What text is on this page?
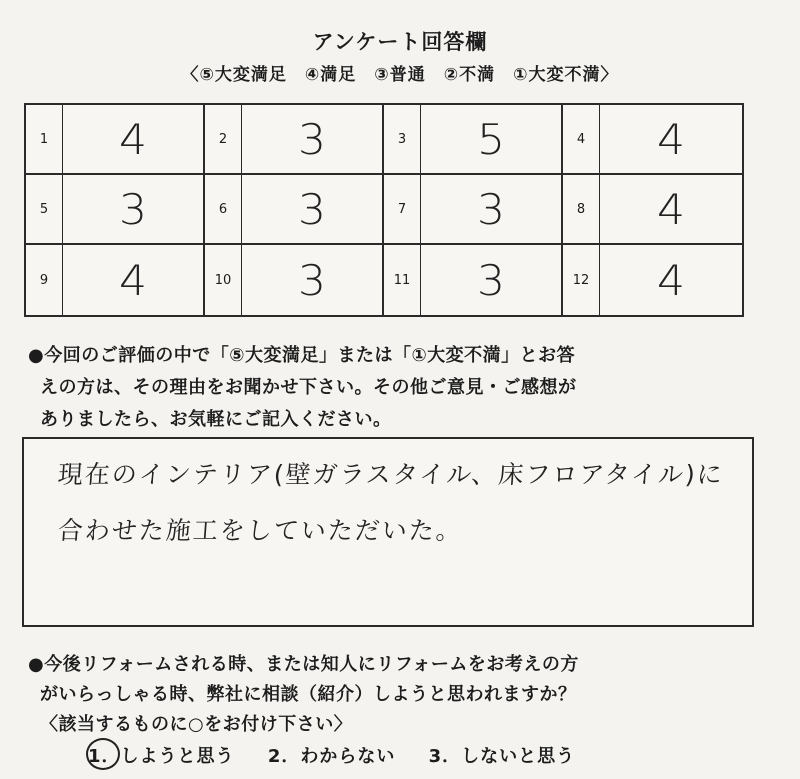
アンケート回答欄
〈⑤大変満足　④満足　③普通　②不満　①大変不満〉
1	4	2	3	3	5	4	4
5	3	6	3	7	3	8	4
9	4	10	3	11	3	12	4
●今回のご評価の中で「⑤大変満足」または「①大変不満」とお答
えの方は、その理由をお聞かせ下さい。その他ご意見・ご感想が
ありましたら、お気軽にご記入ください。
現在のインテリア(壁ガラスタイル、床フロアタイル)に
合わせた施工をしていただいた。
●今後リフォームされる時、または知人にリフォームをお考えの方
がいらっしゃる時、弊社に相談（紹介）しようと思われますか？
〈該当するものに○をお付け下さい〉
1．しようと思う 2．わからない 3．しないと思う
